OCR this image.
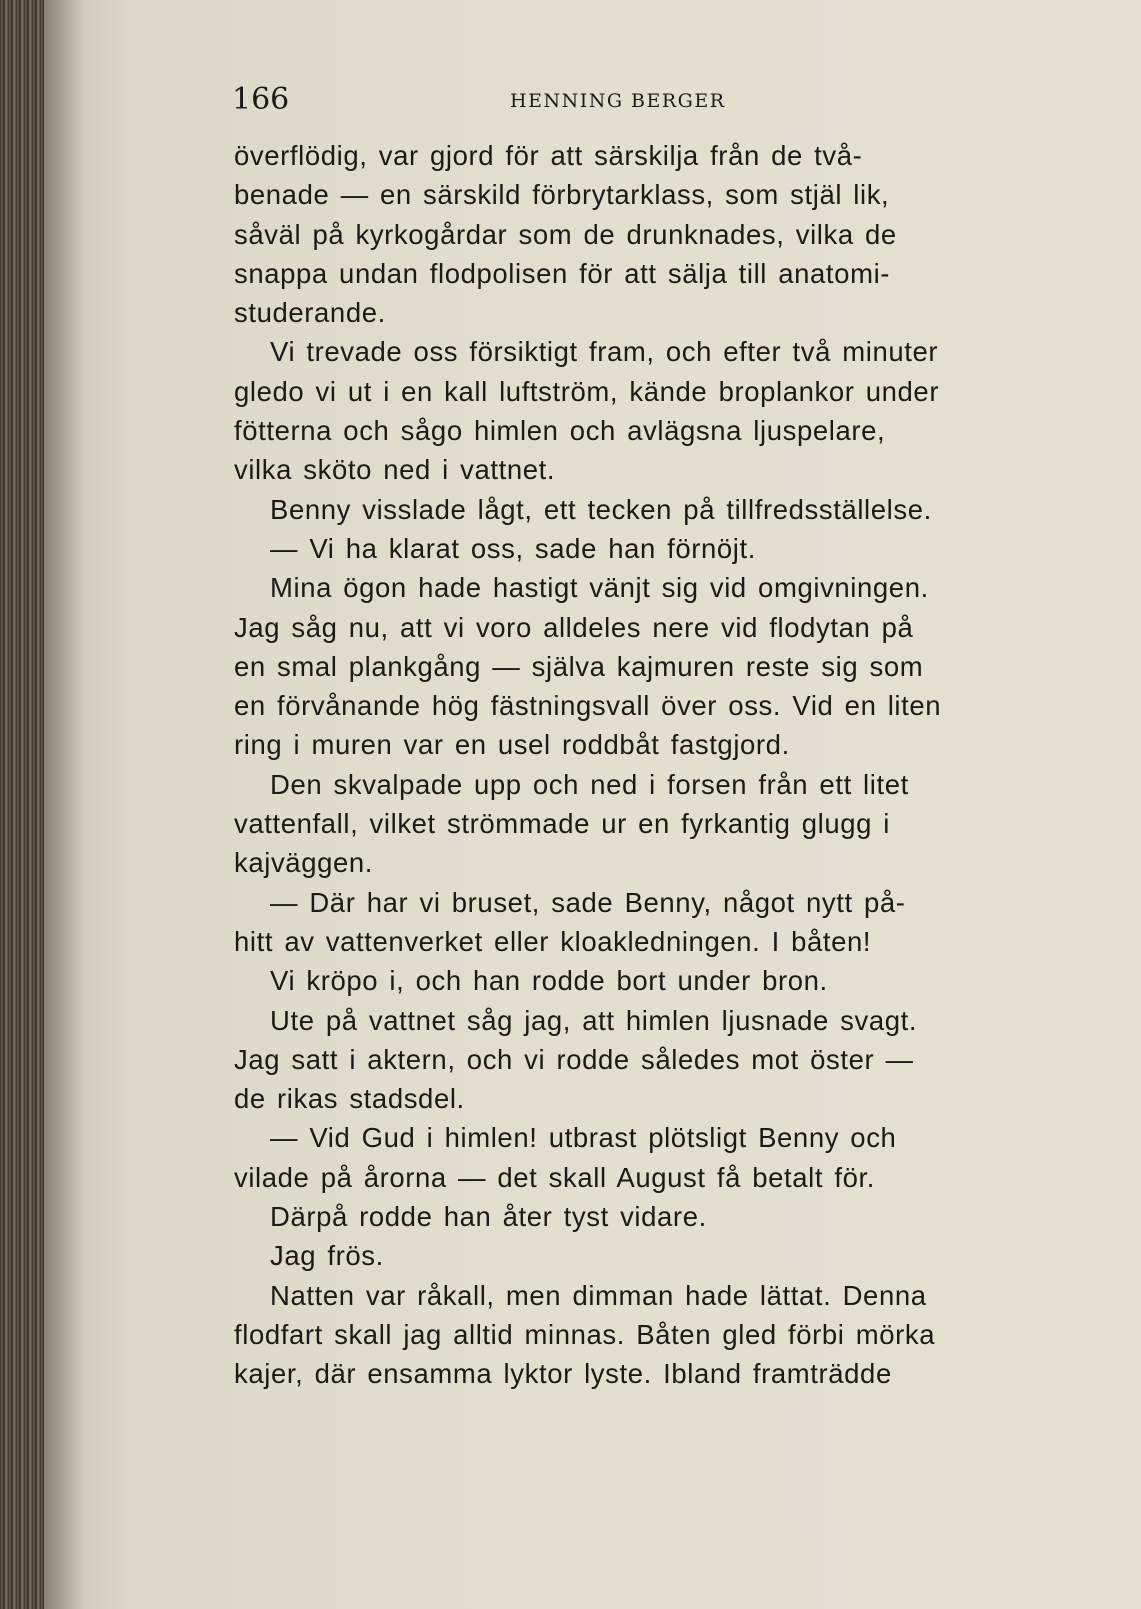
166	HENNING BERGER
överflödig, var gjord för att särskilja från de två-
benade — en särskild förbrytarklass, som stjäl lik,
såväl på kyrkogårdar som de drunknades, vilka de
snappa undan flodpolisen för att sälja till anatomi-
studerande.
Vi trevade oss försiktigt fram, och efter två minuter
gledo vi ut i en kall luftström, kände broplankor under
fötterna och sågo himlen och avlägsna ljuspelare,
vilka sköto ned i vattnet.
Benny visslade lågt, ett tecken på tillfredsställelse.
— Vi ha klarat oss, sade han förnöjt.
Mina ögon hade hastigt vänjt sig vid omgivningen.
Jag såg nu, att vi voro alldeles nere vid flodytan på
en smal plankgång — själva kajmuren reste sig som
en förvånande hög fästningsvall över oss. Vid en liten
ring i muren var en usel roddbåt fastgjord.
Den skvalpade upp och ned i forsen från ett litet
vattenfall, vilket strömmade ur en fyrkantig glugg i
kajväggen.
— Där har vi bruset, sade Benny, något nytt på-
hitt av vattenverket eller kloakledningen. I båten!
Vi kröpo i, och han rodde bort under bron.
Ute på vattnet såg jag, att himlen ljusnade svagt.
Jag satt i aktern, och vi rodde således mot öster —
de rikas stadsdel.
— Vid Gud i himlen! utbrast plötsligt Benny och
vilade på årorna — det skall August få betalt för.
Därpå rodde han åter tyst vidare.
Jag frös.
Natten var råkall, men dimman hade lättat. Denna
flodfart skall jag alltid minnas. Båten gled förbi mörka
kajer, där ensamma lyktor lyste. Ibland framträdde
